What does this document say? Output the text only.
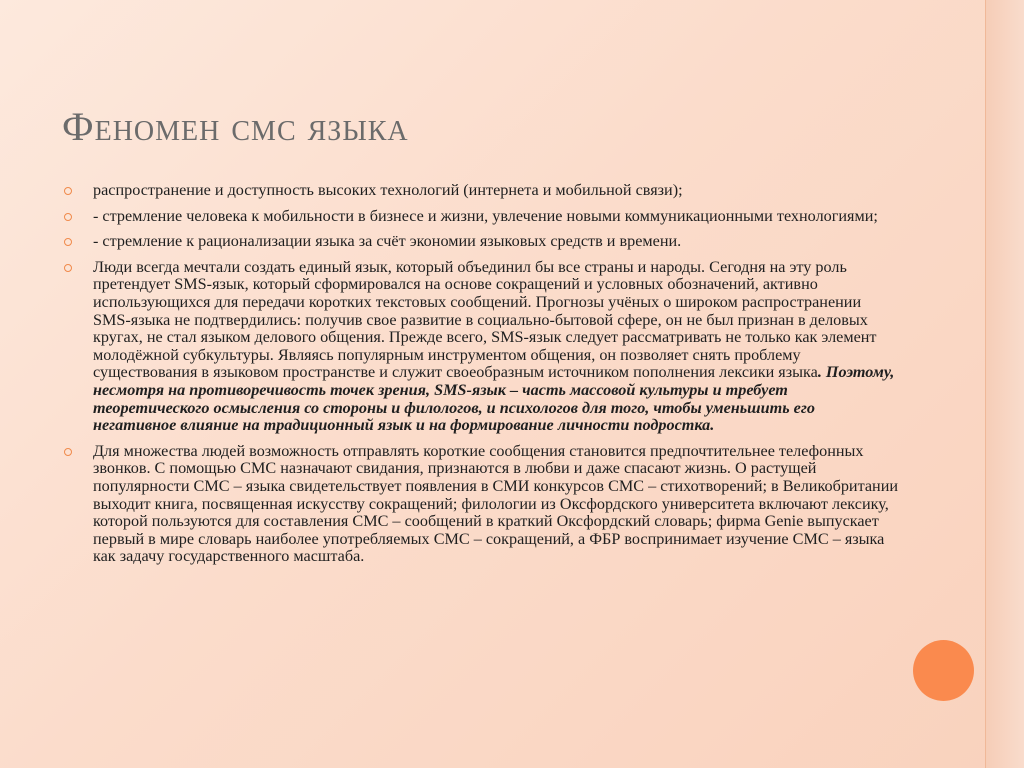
Феномен смс языка
распространение и доступность высоких технологий (интернета и мобильной связи);
- стремление человека к мобильности в бизнесе и жизни, увлечение новыми коммуникационными технологиями;
- стремление к рационализации языка за счёт экономии языковых средств и времени.
Люди всегда мечтали создать единый язык, который объединил бы все страны и народы. Сегодня на эту роль претендует SMS-язык, который сформировался на основе сокращений и условных обозначений, активно использующихся для передачи коротких текстовых сообщений. Прогнозы учёных о широком распространении SMS-языка не подтвердились: получив свое развитие в социально-бытовой сфере, он не был признан в деловых кругах, не стал языком делового общения. Прежде всего, SMS-язык следует рассматривать не только как элемент молодёжной субкультуры. Являясь популярным инструментом общения, он позволяет снять проблему существования в языковом пространстве и служит своеобразным источником пополнения лексики языка. Поэтому, несмотря на противоречивость точек зрения, SMS-язык – часть массовой культуры и требует теоретического осмысления со стороны и филологов, и психологов для того, чтобы уменьшить его негативное влияние на традиционный язык и на формирование личности подростка.
Для множества людей возможность отправлять короткие сообщения становится предпочтительнее телефонных звонков. С помощью СМС назначают свидания, признаются в любви и даже спасают жизнь. О растущей популярности СМС – языка свидетельствует появления в СМИ конкурсов СМС – стихотворений; в Великобритании выходит книга, посвященная искусству сокращений; филологии из Оксфордского университета включают лексику, которой пользуются для составления СМС – сообщений в краткий Оксфордский словарь; фирма Genie выпускает первый в мире словарь наиболее употребляемых СМС – сокращений, а ФБР воспринимает изучение СМС – языка как задачу государственного масштаба.
